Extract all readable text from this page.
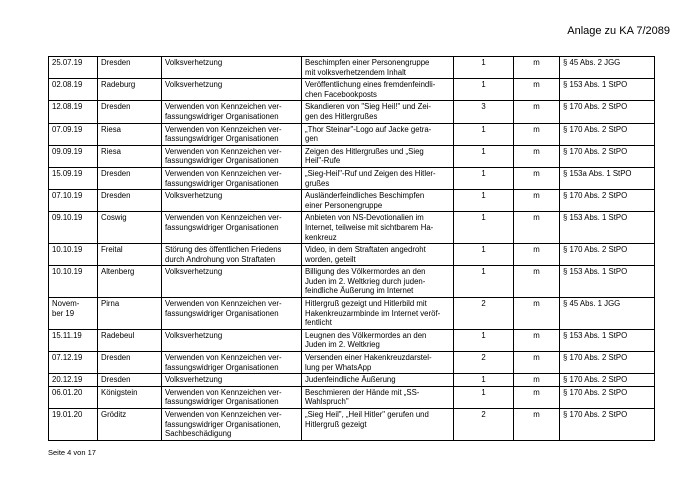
Anlage zu KA 7/2089
25.07.19	Dresden	Volksverhetzung	Beschimpfen einer Personengruppe
mit volksverhetzendem Inhalt	1	m	§ 45 Abs. 2 JGG
02.08.19	Radeburg	Volksverhetzung	Veröffentlichung eines fremdenfeindli-
chen Facebookposts	1	m	§ 153 Abs. 1 StPO
12.08.19	Dresden	Verwenden von Kennzeichen ver-
fassungswidriger Organisationen	Skandieren von "Sieg Heil!" und Zei-
gen des Hitlergrußes	3	m	§ 170 Abs. 2 StPO
07.09.19	Riesa	Verwenden von Kennzeichen ver-
fassungswidriger Organisationen	„Thor Steinar"-Logo auf Jacke getra-
gen	1	m	§ 170 Abs. 2 StPO
09.09.19	Riesa	Verwenden von Kennzeichen ver-
fassungswidriger Organisationen	Zeigen des Hitlergrußes und „Sieg
Heil"-Rufe	1	m	§ 170 Abs. 2 StPO
15.09.19	Dresden	Verwenden von Kennzeichen ver-
fassungswidriger Organisationen	„Sieg-Heil"-Ruf und Zeigen des Hitler-
grußes	1	m	§ 153a Abs. 1 StPO
07.10.19	Dresden	Volksverhetzung	Ausländerfeindliches Beschimpfen
einer Personengruppe	1	m	§ 170 Abs. 2 StPO
09.10.19	Coswig	Verwenden von Kennzeichen ver-
fassungswidriger Organisationen	Anbieten von NS-Devotionalien im
Internet, teilweise mit sichtbarem Ha-
kenkreuz	1	m	§ 153 Abs. 1 StPO
10.10.19	Freital	Störung des öffentlichen Friedens
durch Androhung von Straftaten	Video, in dem Straftaten angedroht
worden, geteilt	1	m	§ 170 Abs. 2 StPO
10.10.19	Altenberg	Volksverhetzung	Billigung des Völkermordes an den
Juden im 2. Weltkrieg durch juden-
feindliche Äußerung im Internet	1	m	§ 153 Abs. 1 StPO
Novem-
ber 19	Pirna	Verwenden von Kennzeichen ver-
fassungswidriger Organisationen	Hitlergruß gezeigt und Hitlerbild mit
Hakenkreuzarmbinde im Internet veröf-
fentlicht	2	m	§ 45 Abs. 1 JGG
15.11.19	Radebeul	Volksverhetzung	Leugnen des Völkermordes an den
Juden im 2. Weltkrieg	1	m	§ 153 Abs. 1 StPO
07.12.19	Dresden	Verwenden von Kennzeichen ver-
fassungswidriger Organisationen	Versenden einer Hakenkreuzdarstel-
lung per WhatsApp	2	m	§ 170 Abs. 2 StPO
20.12.19	Dresden	Volksverhetzung	Judenfeindliche Äußerung	1	m	§ 170 Abs. 2 StPO
06.01.20	Königstein	Verwenden von Kennzeichen ver-
fassungswidriger Organisationen	Beschmieren der Hände mit „SS-
Wahlspruch"	1	m	§ 170 Abs. 2 StPO
19.01.20	Gröditz	Verwenden von Kennzeichen ver-
fassungswidriger Organisationen,
Sachbeschädigung	„Sieg Heil", „Heil Hitler" gerufen und
Hitlergruß gezeigt	2	m	§ 170 Abs. 2 StPO
Seite 4 von 17
